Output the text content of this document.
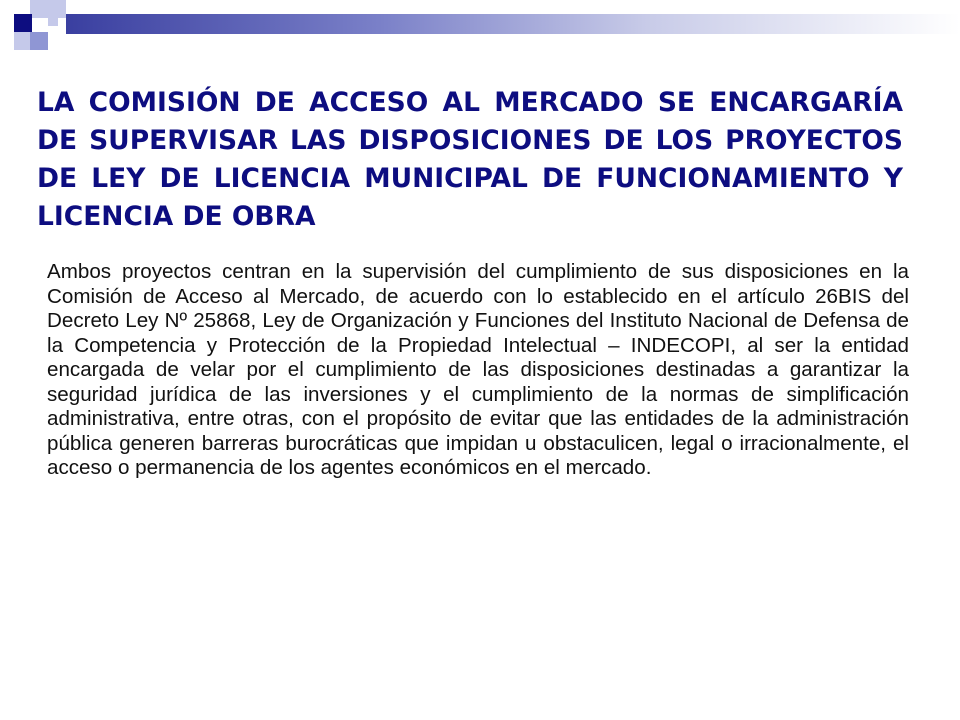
LA COMISIÓN DE ACCESO AL MERCADO SE ENCARGARÍA DE SUPERVISAR LAS DISPOSICIONES DE LOS PROYECTOS DE LEY DE LICENCIA MUNICIPAL DE FUNCIONAMIENTO Y LICENCIA DE OBRA

Ambos proyectos centran en la supervisión del cumplimiento de sus disposiciones en la Comisión de Acceso al Mercado, de acuerdo con lo establecido en el artículo 26BIS del Decreto Ley Nº 25868, Ley de Organización y Funciones del Instituto Nacional de Defensa de la Competencia y Protección de la Propiedad Intelectual – INDECOPI, al ser la entidad encargada de velar por el cumplimiento de las disposiciones destinadas a garantizar la seguridad jurídica de las inversiones y el cumplimiento de la normas de simplificación administrativa, entre otras, con el propósito de evitar que las entidades de la administración pública generen barreras burocráticas que impidan u obstaculicen, legal o irracionalmente, el acceso o permanencia de los agentes económicos en el mercado.
